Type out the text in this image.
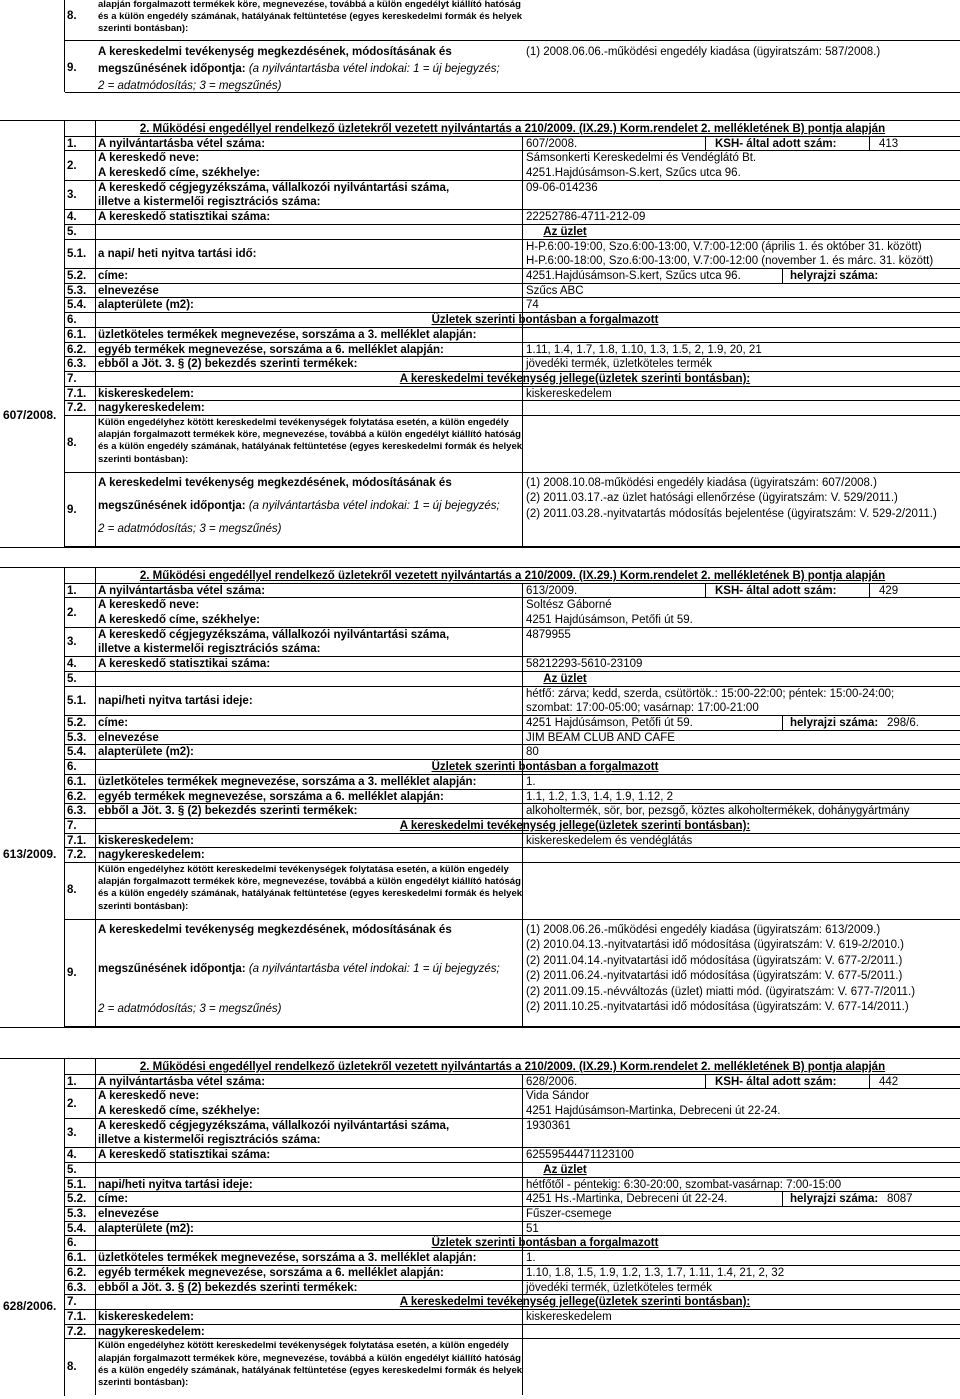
8.
alapján forgalmazott termékek köre, megnevezése, továbbá a külön engedélyt kiállító hatóság
és a külön engedély számának, hatályának feltüntetése (egyes kereskedelmi formák és helyek
szerinti bontásban):
9.
A kereskedelmi tevékenység megkezdésének, módosításának és
megszűnésének időpontja: (a nyilvántartásba vétel indokai: 1 = új bejegyzés;
2 = adatmódosítás; 3 = megszűnés)
(1) 2008.06.06.-működési engedély kiadása (ügyiratszám: 587/2008.)
607/2008.
2. Működési engedéllyel rendelkező üzletekről vezetett nyilvántartás a 210/2009. (IX.29.) Korm.rendelet 2. mellékletének B) pontja alapján
1. A nyilvántartásba vétel száma:	607/2008.	KSH- által adott szám:	413
2.
A kereskedő neve:	Sámsonkerti Kereskedelmi és Vendéglátó Bt.
A kereskedő címe, székhelye:	4251.Hajdúsámson-S.kert, Szűcs utca 96.
3.
A kereskedő cégjegyzékszáma, vállalkozói nyilvántartási száma,
illetve a kistermelői regisztrációs száma:
09-06-014236
4. A kereskedő statisztikai száma:	22252786-4711-212-09
5.	Az üzlet
5.1. a napi/ heti nyitva tartási idő:
H-P.6:00-19:00, Szo.6:00-13:00, V.7:00-12:00 (április 1. és október 31. között)
H-P.6:00-18:00, Szo.6:00-13:00, V.7:00-12:00 (november 1. és márc. 31. között)
5.2. címe:	4251.Hajdúsámson-S.kert, Szűcs utca 96.	helyrajzi száma:
5.3. elnevezése	Szűcs ABC
5.4. alapterülete (m2):	74
6.	Üzletek szerinti bontásban a forgalmazott
6.1. üzletköteles termékek megnevezése, sorszáma a 3. melléklet alapján:
6.2. egyéb termékek megnevezése, sorszáma a 6. melléklet alapján:	1.11, 1.4, 1.7, 1.8, 1.10, 1.3, 1.5, 2, 1.9, 20, 21
6.3. ebből a Jöt. 3. § (2) bekezdés szerinti termékek:	jövedéki termék, üzletköteles termék
7.	A kereskedelmi tevékenység jellege(üzletek szerinti bontásban):
7.1. kiskereskedelem:	kiskereskedelem
7.2. nagykereskedelem:
8.
Külön engedélyhez kötött kereskedelmi tevékenységek folytatása esetén, a külön engedély
alapján forgalmazott termékek köre, megnevezése, továbbá a külön engedélyt kiállító hatóság
és a külön engedély számának, hatályának feltüntetése (egyes kereskedelmi formák és helyek
szerinti bontásban):
9.
A kereskedelmi tevékenység megkezdésének, módosításának és
megszűnésének időpontja: (a nyilvántartásba vétel indokai: 1 = új bejegyzés;
2 = adatmódosítás; 3 = megszűnés)
(1) 2008.10.08-működési engedély kiadása (ügyiratszám: 607/2008.)
(2) 2011.03.17.-az üzlet hatósági ellenőrzése (ügyiratszám: V. 529/2011.)
(2) 2011.03.28.-nyitvatartás módosítás bejelentése (ügyiratszám: V. 529-2/2011.)
613/2009.
2. Működési engedéllyel rendelkező üzletekről vezetett nyilvántartás a 210/2009. (IX.29.) Korm.rendelet 2. mellékletének B) pontja alapján
1. A nyilvántartásba vétel száma:	613/2009.	KSH- által adott szám:	429
2.
A kereskedő neve:	Soltész Gáborné
A kereskedő címe, székhelye:	4251 Hajdúsámson, Petőfi út 59.
3.
A kereskedő cégjegyzékszáma, vállalkozói nyilvántartási száma,
illetve a kistermelői regisztrációs száma:
4879955
4. A kereskedő statisztikai száma:	58212293-5610-23109
5.	Az üzlet
5.1. napi/heti nyitva tartási ideje:
hétfő: zárva; kedd, szerda, csütörtök.: 15:00-22:00; péntek: 15:00-24:00;
szombat: 17:00-05:00; vasárnap: 17:00-21:00
5.2. címe:	4251 Hajdúsámson, Petőfi út 59.	helyrajzi száma: 298/6.
5.3. elnevezése	JIM BEAM CLUB AND CAFE
5.4. alapterülete (m2):	80
6.	Üzletek szerinti bontásban a forgalmazott
6.1. üzletköteles termékek megnevezése, sorszáma a 3. melléklet alapján:	1.
6.2. egyéb termékek megnevezése, sorszáma a 6. melléklet alapján:	1.1, 1.2, 1.3, 1.4, 1.9, 1.12, 2
6.3. ebből a Jöt. 3. § (2) bekezdés szerinti termékek:	alkoholtermék, sör, bor, pezsgő, köztes alkoholtermékek, dohánygyártmány
7.	A kereskedelmi tevékenység jellege(üzletek szerinti bontásban):
7.1. kiskereskedelem:	kiskereskedelem és vendéglátás
7.2. nagykereskedelem:
8.
Külön engedélyhez kötött kereskedelmi tevékenységek folytatása esetén, a külön engedély
alapján forgalmazott termékek köre, megnevezése, továbbá a külön engedélyt kiállító hatóság
és a külön engedély számának, hatályának feltüntetése (egyes kereskedelmi formák és helyek
szerinti bontásban):
9.
A kereskedelmi tevékenység megkezdésének, módosításának és
megszűnésének időpontja: (a nyilvántartásba vétel indokai: 1 = új bejegyzés;
2 = adatmódosítás; 3 = megszűnés)
(1) 2008.06.26.-működési engedély kiadása (ügyiratszám: 613/2009.)
(2) 2010.04.13.-nyitvatartási idő módosítása (ügyiratszám: V. 619-2/2010.)
(2) 2011.04.14.-nyitvatartási idő módosítása (ügyiratszám: V. 677-2/2011.)
(2) 2011.06.24.-nyitvatartási idő módosítása (ügyiratszám: V. 677-5/2011.)
(2) 2011.09.15.-névváltozás (üzlet) miatti mód. (ügyiratszám: V. 677-7/2011.)
(2) 2011.10.25.-nyitvatartási idő módosítása (ügyiratszám: V. 677-14/2011.)
628/2006.
2. Működési engedéllyel rendelkező üzletekről vezetett nyilvántartás a 210/2009. (IX.29.) Korm.rendelet 2. mellékletének B) pontja alapján
1. A nyilvántartásba vétel száma:	628/2006.	KSH- által adott szám:	442
2.
A kereskedő neve:	Vida Sándor
A kereskedő címe, székhelye:	4251 Hajdúsámson-Martinka, Debreceni út 22-24.
3.
A kereskedő cégjegyzékszáma, vállalkozói nyilvántartási száma,
illetve a kistermelői regisztrációs száma:
1930361
4. A kereskedő statisztikai száma:	62559544471123100
5.	Az üzlet
5.1. napi/heti nyitva tartási ideje:	hétfőtől - péntekig: 6:30-20:00, szombat-vasárnap: 7:00-15:00
5.2. címe:	4251 Hs.-Martinka, Debreceni út 22-24.	helyrajzi száma: 8087
5.3. elnevezése	Fűszer-csemege
5.4. alapterülete (m2):	51
6.	Üzletek szerinti bontásban a forgalmazott
6.1. üzletköteles termékek megnevezése, sorszáma a 3. melléklet alapján:	1.
6.2. egyéb termékek megnevezése, sorszáma a 6. melléklet alapján:	1.10, 1.8, 1.5, 1.9, 1.2, 1.3, 1.7, 1.11, 1.4, 21, 2, 32
6.3. ebből a Jöt. 3. § (2) bekezdés szerinti termékek:	jövedéki termék, üzletköteles termék
7.	A kereskedelmi tevékenység jellege(üzletek szerinti bontásban):
7.1. kiskereskedelem:	kiskereskedelem
7.2. nagykereskedelem:
8.
Külön engedélyhez kötött kereskedelmi tevékenységek folytatása esetén, a külön engedély
alapján forgalmazott termékek köre, megnevezése, továbbá a külön engedélyt kiállító hatóság
és a külön engedély számának, hatályának feltüntetése (egyes kereskedelmi formák és helyek
szerinti bontásban):
